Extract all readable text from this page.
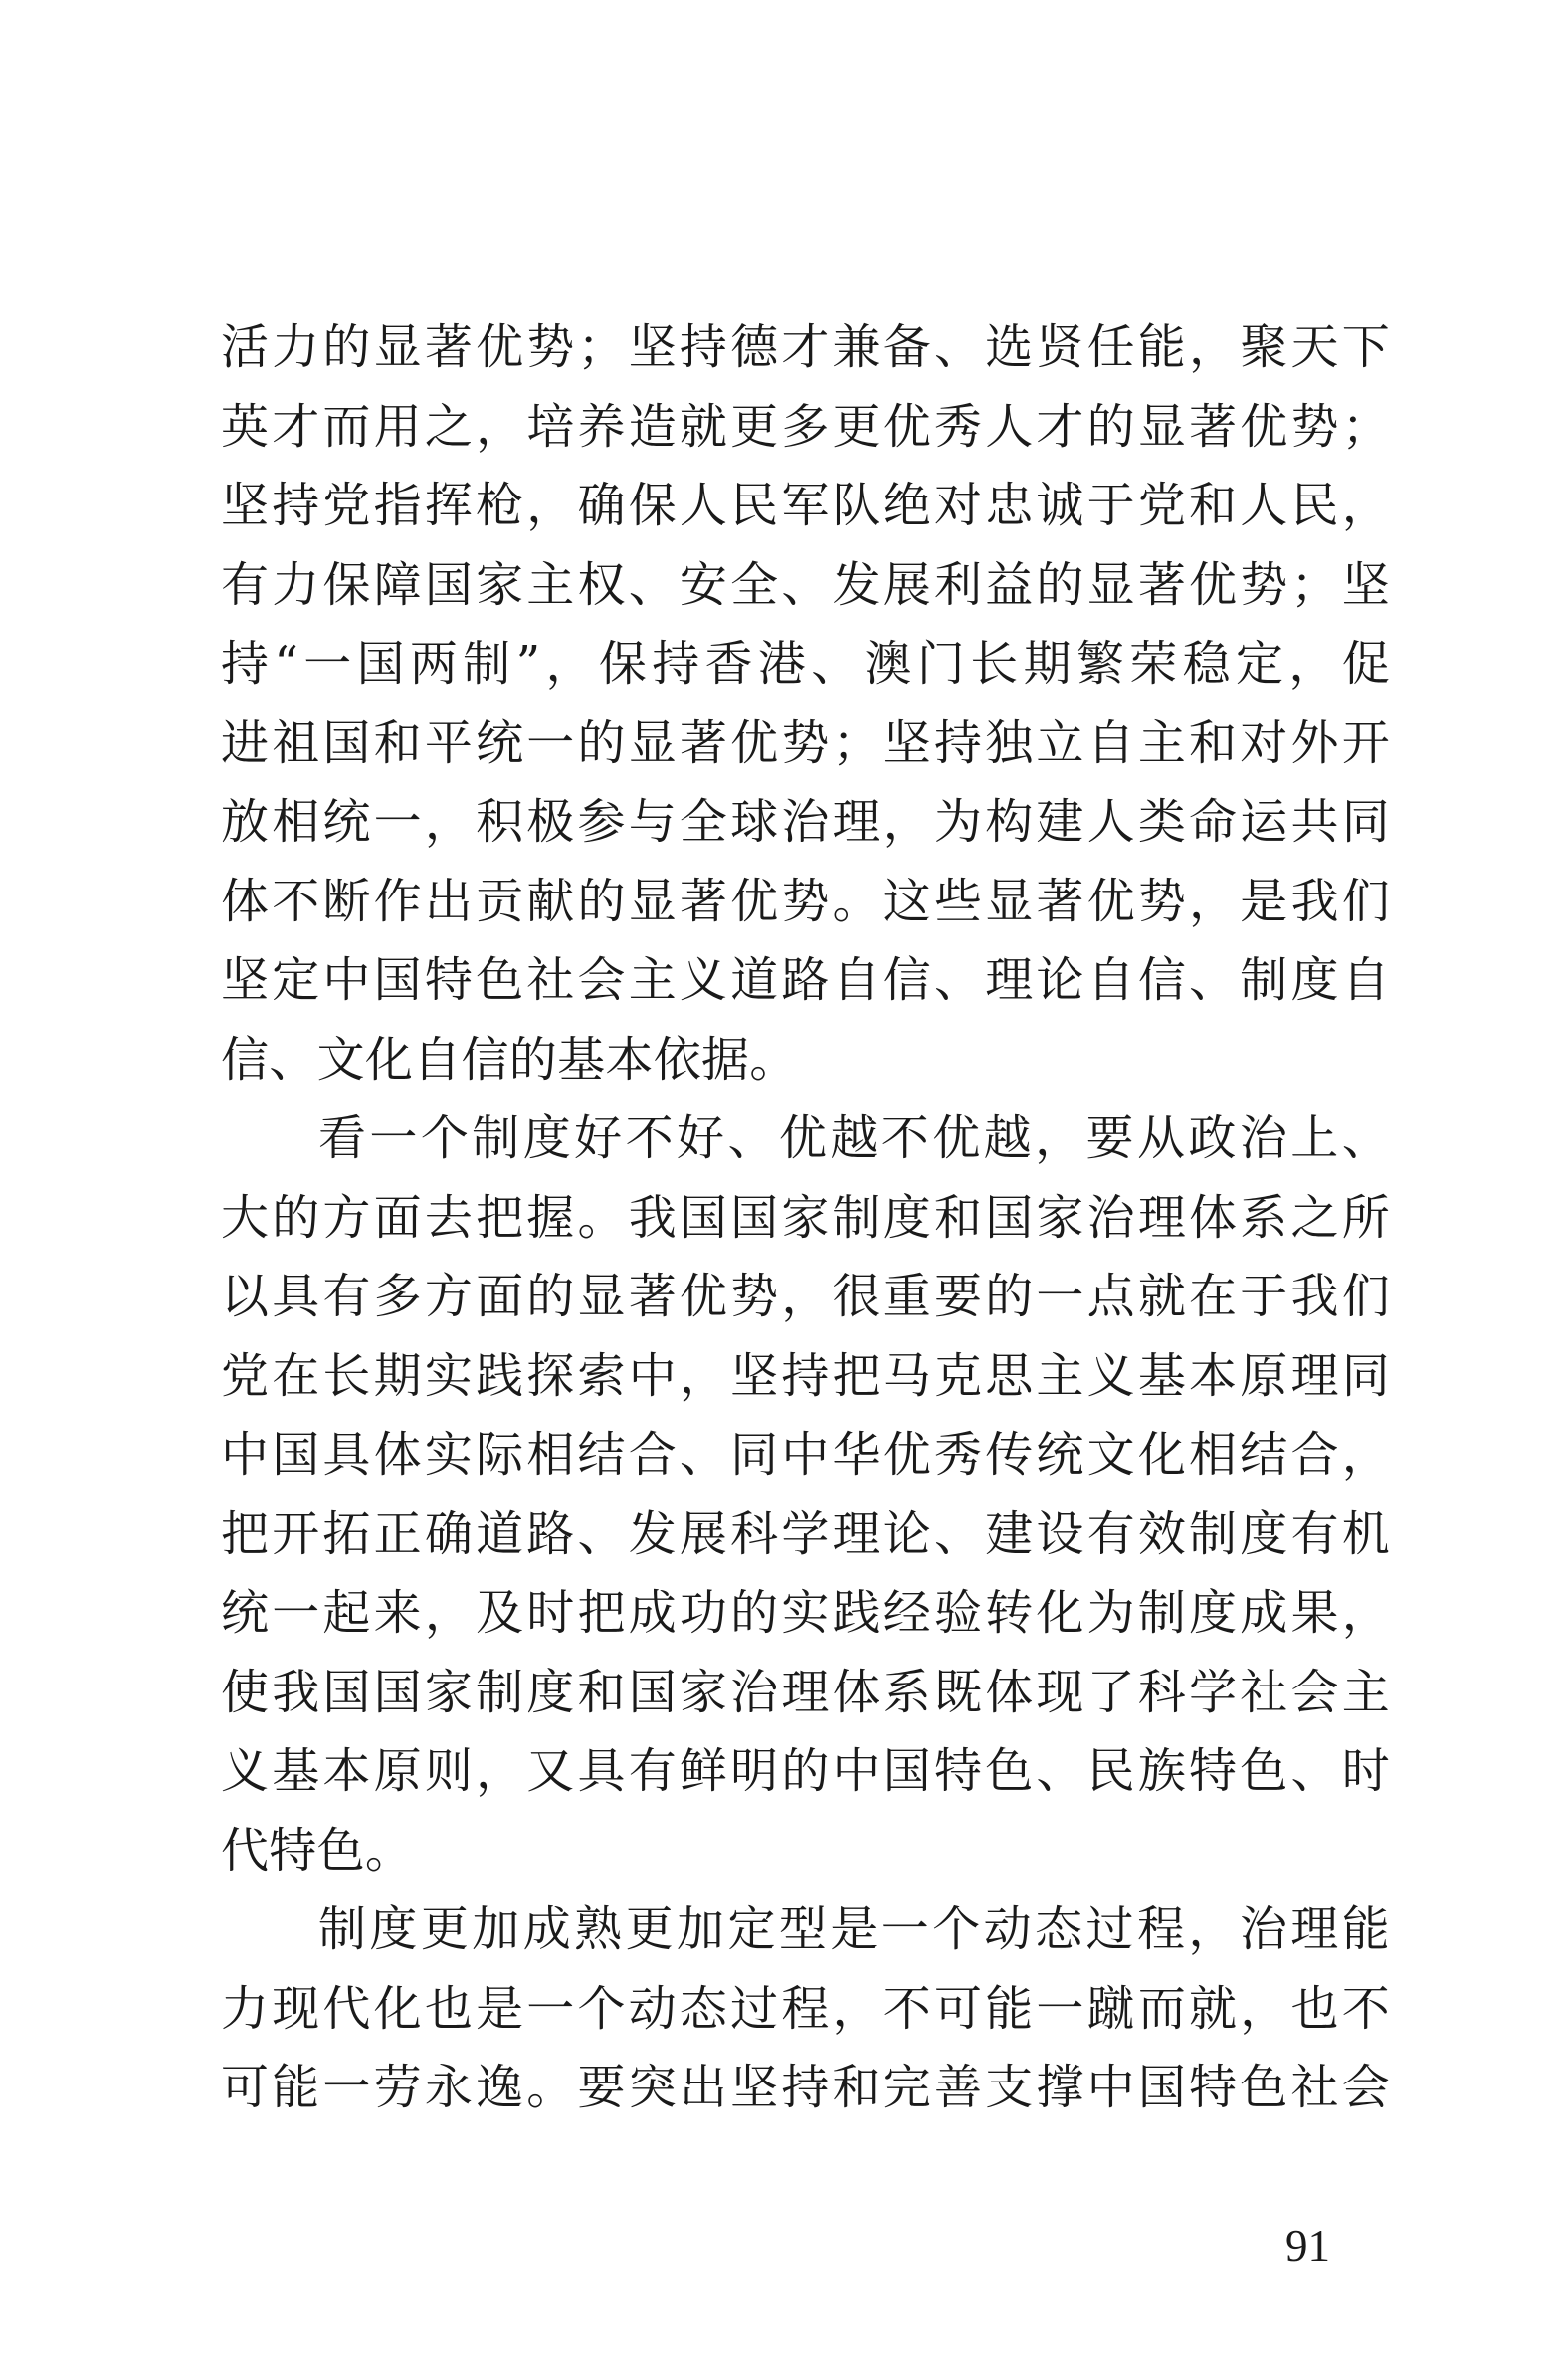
活力的显著优势；坚持德才兼备、选贤任能，聚天下
英才而用之，培养造就更多更优秀人才的显著优势；
坚持党指挥枪，确保人民军队绝对忠诚于党和人民，
有力保障国家主权、安全、发展利益的显著优势；坚
持“一国两制”，保持香港、澳门长期繁荣稳定，促
进祖国和平统一的显著优势；坚持独立自主和对外开
放相统一，积极参与全球治理，为构建人类命运共同
体不断作出贡献的显著优势。这些显著优势，是我们
坚定中国特色社会主义道路自信、理论自信、制度自
信、文化自信的基本依据。
看一个制度好不好、优越不优越，要从政治上、
大的方面去把握。我国国家制度和国家治理体系之所
以具有多方面的显著优势，很重要的一点就在于我们
党在长期实践探索中，坚持把马克思主义基本原理同
中国具体实际相结合、同中华优秀传统文化相结合，
把开拓正确道路、发展科学理论、建设有效制度有机
统一起来，及时把成功的实践经验转化为制度成果，
使我国国家制度和国家治理体系既体现了科学社会主
义基本原则，又具有鲜明的中国特色、民族特色、时
代特色。
制度更加成熟更加定型是一个动态过程，治理能
力现代化也是一个动态过程，不可能一蹴而就，也不
可能一劳永逸。要突出坚持和完善支撑中国特色社会
91
